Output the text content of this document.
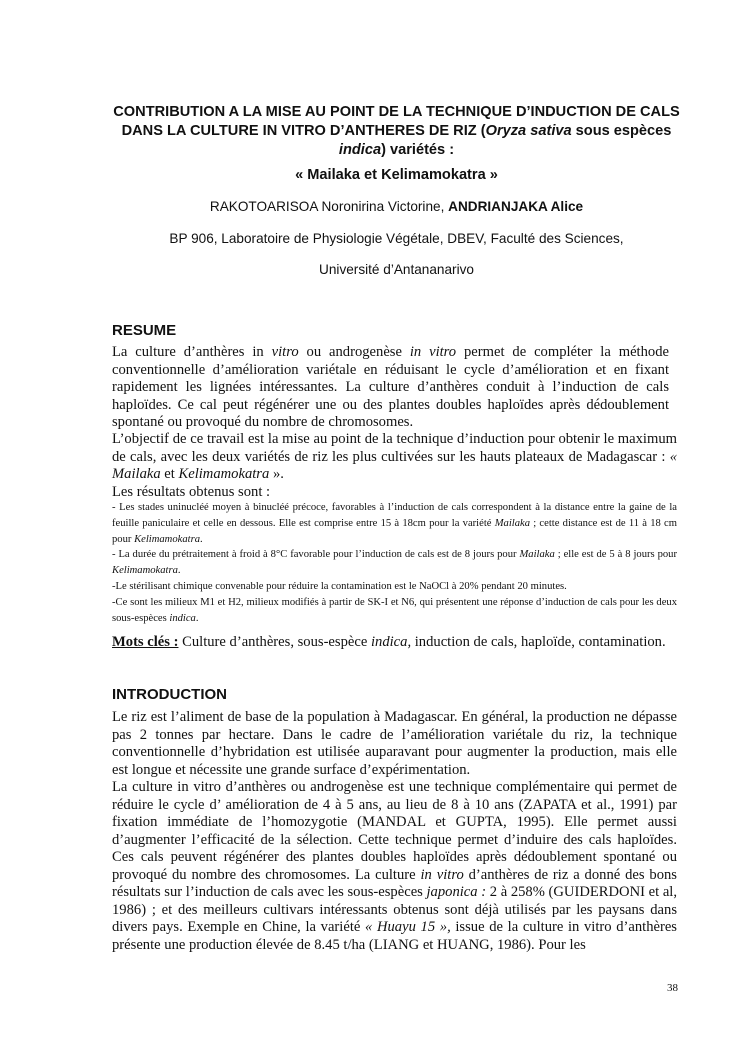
CONTRIBUTION A LA MISE AU POINT DE LA TECHNIQUE D’INDUCTION DE CALS DANS LA CULTURE IN VITRO D’ANTHERES DE RIZ (Oryza sativa sous espèces indica) variétés :
« Mailaka et Kelimamokatra »
RAKOTOARISOA Noronirina Victorine, ANDRIANJAKA Alice
BP 906, Laboratoire de Physiologie Végétale, DBEV, Faculté des Sciences,
Université d’Antananarivo
RESUME

La culture d’anthères in vitro ou androgenèse in vitro permet de compléter la méthode conventionnelle d’amélioration variétale en réduisant le cycle d’amélioration et en fixant rapidement les lignées intéressantes. La culture d’anthères conduit à l’induction de cals haploïdes. Ce cal peut régénérer une ou des plantes doubles haploïdes après dédoublement spontané ou provoqué du nombre de chromosomes.

L’objectif de ce travail est la mise au point de la technique d’induction pour obtenir le maximum de cals, avec les deux variétés de riz les plus cultivées sur les hauts plateaux de Madagascar : « Mailaka et Kelimamokatra ».

Les résultats obtenus sont :

- Les stades uninucléé moyen à binucléé précoce, favorables à l’induction de cals correspondent à la distance entre la gaine de la feuille paniculaire et celle en dessous. Elle est comprise entre 15 à 18cm pour la variété Mailaka ; cette distance est de 11 à 18 cm pour Kelimamokatra.

- La durée du prétraitement à froid à 8°C favorable pour l’induction de cals est de 8 jours pour Mailaka ; elle est de 5 à 8 jours pour Kelimamokatra.

-Le stérilisant chimique convenable pour réduire la contamination est le NaOCl à 20% pendant 20 minutes.

-Ce sont les milieux M1 et H2, milieux modifiés à partir de SK-I et N6, qui présentent une réponse d’induction de cals pour les deux sous-espèces indica.

Mots clés : Culture d’anthères, sous-espèce indica, induction de cals, haploïde, contamination.

INTRODUCTION

Le riz est l’aliment de base de la population à Madagascar. En général, la production ne dépasse pas 2 tonnes par hectare. Dans le cadre de l’amélioration variétale du riz, la technique conventionnelle d’hybridation est utilisée auparavant pour augmenter la production, mais elle est longue et nécessite une grande surface d’expérimentation.

La culture in vitro d’anthères ou androgenèse est une technique complémentaire qui permet de réduire le cycle d’ amélioration de 4 à 5 ans, au lieu de 8 à 10 ans (ZAPATA et al., 1991) par fixation immédiate de l’homozygotie (MANDAL et GUPTA, 1995). Elle permet aussi d’augmenter l’efficacité de la sélection. Cette technique permet d’induire des cals haploïdes. Ces cals peuvent régénérer des plantes doubles haploïdes après dédoublement spontané ou provoqué du nombre des chromosomes. La culture in vitro d’anthères de riz a donné des bons résultats sur l’induction de cals avec les sous-espèces japonica : 2 à 258% (GUIDERDONI et al, 1986) ; et des meilleurs cultivars intéressants obtenus sont déjà utilisés par les paysans dans divers pays. Exemple en Chine, la variété « Huayu 15 », issue de la culture in vitro d’anthères présente une production élevée de 8.45 t/ha (LIANG et HUANG, 1986). Pour les

38
